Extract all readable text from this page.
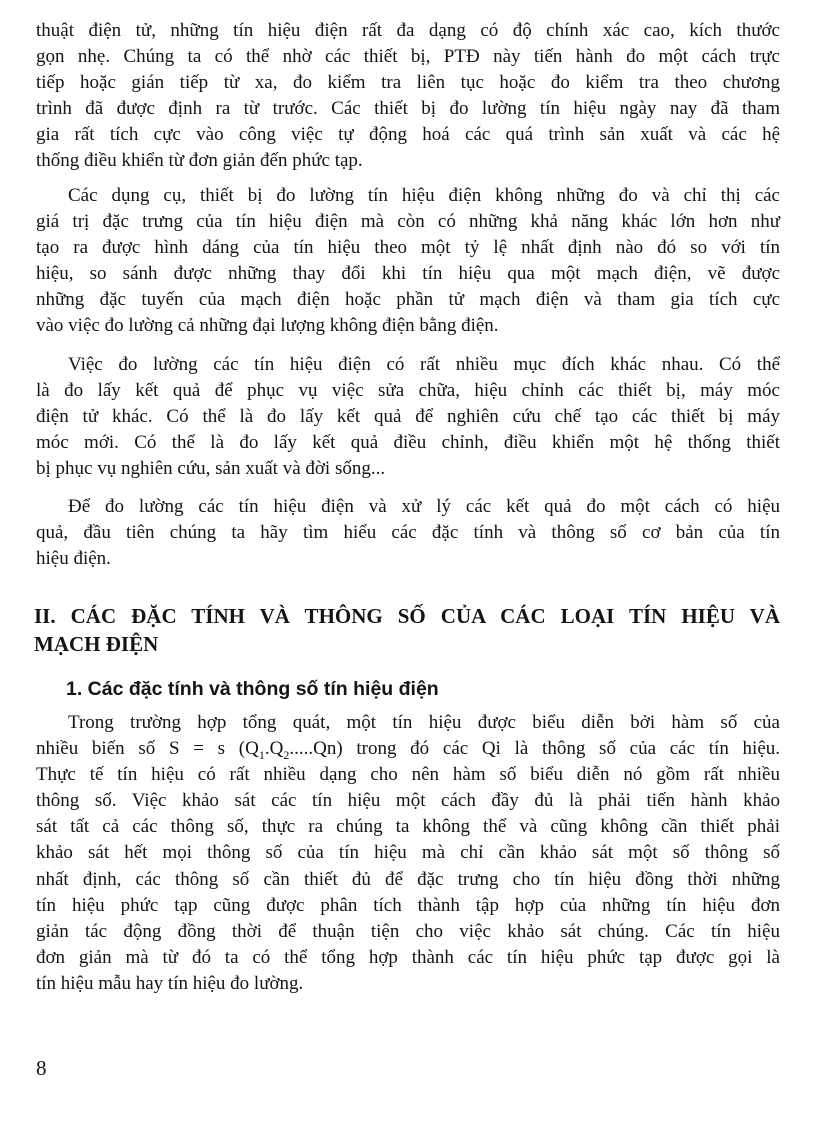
thuật điện tử, những tín hiệu điện rất đa dạng có độ chính xác cao, kích thước
gọn nhẹ. Chúng ta có thể nhờ các thiết bị, PTĐ này tiến hành đo một cách trực
tiếp hoặc gián tiếp từ xa, đo kiểm tra liên tục hoặc đo kiểm tra theo chương
trình đã được định ra từ trước. Các thiết bị đo lường tín hiệu ngày nay đã tham
gia rất tích cực vào công việc tự động hoá các quá trình sản xuất và các hệ
thống điều khiển từ đơn giản đến phức tạp.

Các dụng cụ, thiết bị đo lường tín hiệu điện không những đo và chỉ thị các
giá trị đặc trưng của tín hiệu điện mà còn có những khả năng khác lớn hơn như
tạo ra được hình dáng của tín hiệu theo một tỷ lệ nhất định nào đó so với tín
hiệu, so sánh được những thay đổi khi tín hiệu qua một mạch điện, vẽ được
những đặc tuyến của mạch điện hoặc phần tử mạch điện và tham gia tích cực
vào việc đo lường cả những đại lượng không điện bằng điện.

Việc đo lường các tín hiệu điện có rất nhiều mục đích khác nhau. Có thể
là đo lấy kết quả để phục vụ việc sửa chữa, hiệu chỉnh các thiết bị, máy móc
điện tử khác. Có thể là đo lấy kết quả để nghiên cứu chế tạo các thiết bị máy
móc mới. Có thể là đo lấy kết quả điều chỉnh, điều khiển một hệ thống thiết
bị phục vụ nghiên cứu, sản xuất và đời sống...

Để đo lường các tín hiệu điện và xử lý các kết quả đo một cách có hiệu
quả, đầu tiên chúng ta hãy tìm hiểu các đặc tính và thông số cơ bản của tín
hiệu điện.

II. CÁC ĐẶC TÍNH VÀ THÔNG SỐ CỦA CÁC LOẠI TÍN HIỆU VÀ
MẠCH ĐIỆN
1. Các đặc tính và thông số tín hiệu điện

Trong trường hợp tổng quát, một tín hiệu được biểu diễn bởi hàm số của
nhiều biến số S = s $(Q_1.Q_2.....Qn)$ trong đó các Qi là thông số của các tín hiệu.
Thực tế tín hiệu có rất nhiều dạng cho nên hàm số biểu diễn nó gồm rất nhiều
thông số. Việc khảo sát các tín hiệu một cách đầy đủ là phải tiến hành khảo
sát tất cả các thông số, thực ra chúng ta không thể và cũng không cần thiết phải
khảo sát hết mọi thông số của tín hiệu mà chỉ cần khảo sát một số thông số
nhất định, các thông số cần thiết đủ để đặc trưng cho tín hiệu đồng thời những
tín hiệu phức tạp cũng được phân tích thành tập hợp của những tín hiệu đơn
giản tác động đồng thời để thuận tiện cho việc khảo sát chúng. Các tín hiệu
đơn giản mà từ đó ta có thể tổng hợp thành các tín hiệu phức tạp được gọi là
tín hiệu mẫu hay tín hiệu đo lường.

8
